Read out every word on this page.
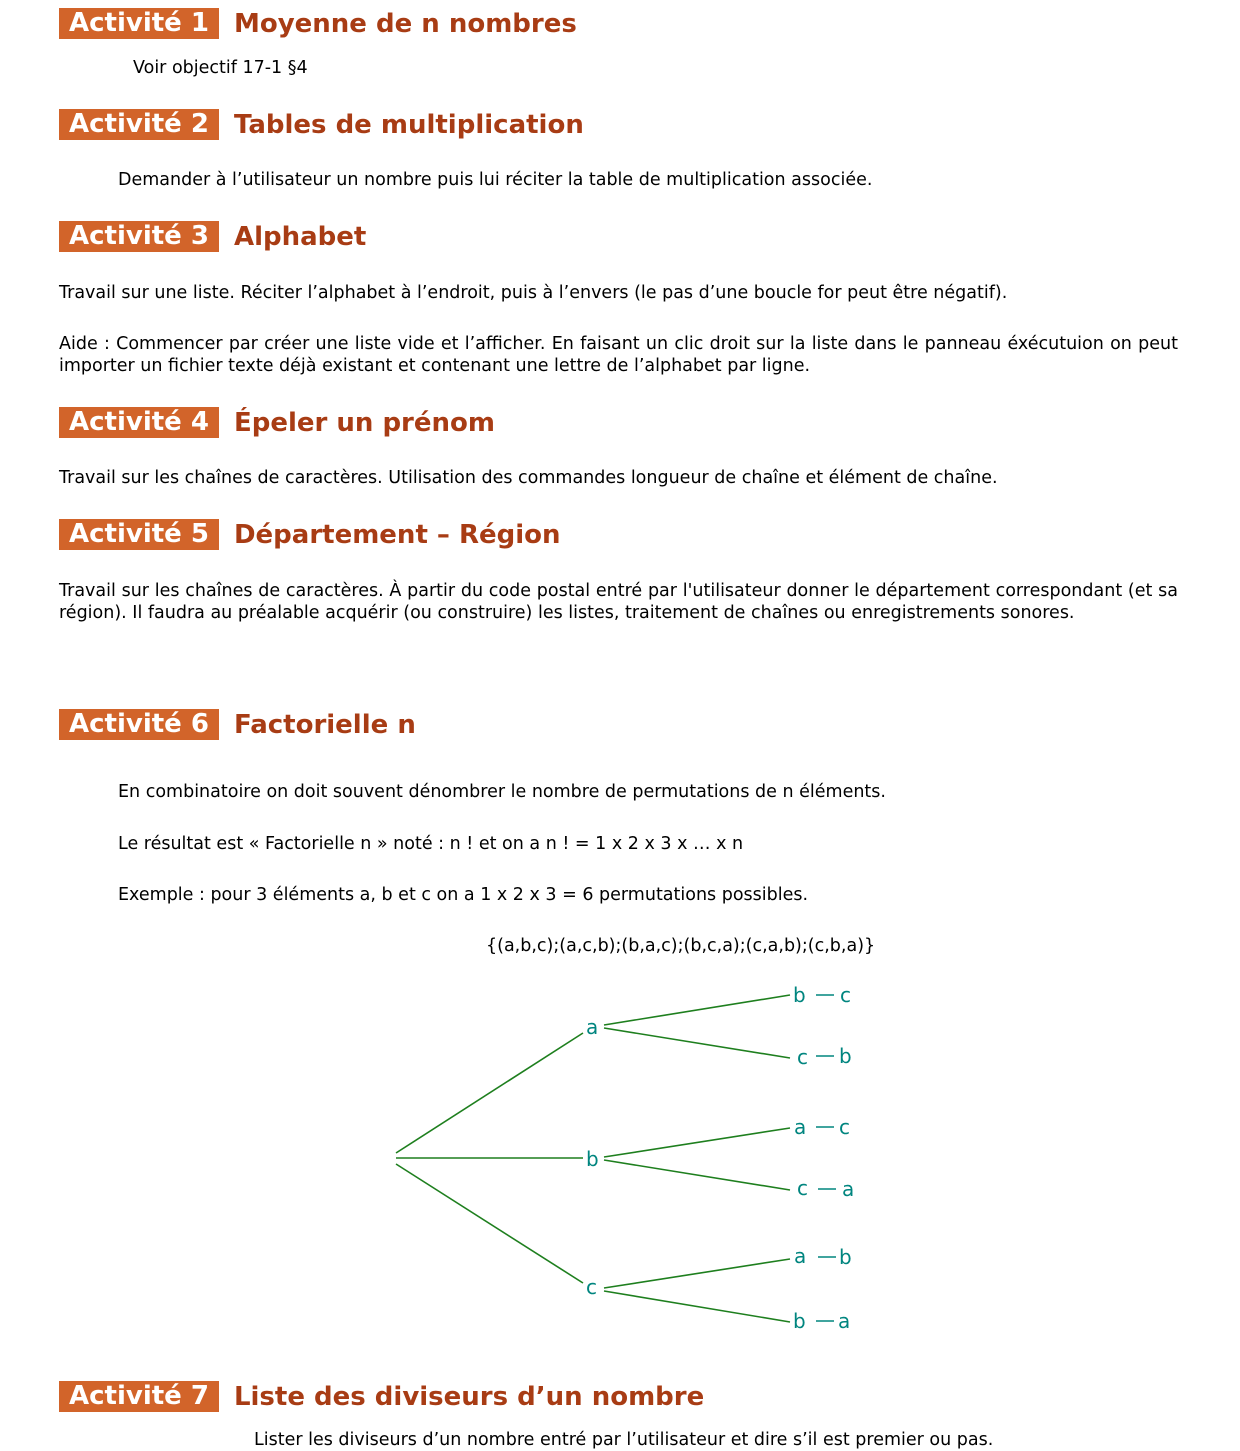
Activité 1 Moyenne de n nombres
Voir objectif 17-1 §4
Activité 2 Tables de multiplication
Demander à l’utilisateur un nombre puis lui réciter la table de multiplication associée.
Activité 3 Alphabet
Travail sur une liste. Réciter l’alphabet à l’endroit, puis à l’envers (le pas d’une boucle for peut être négatif).
Aide : Commencer par créer une liste vide et l’afficher. En faisant un clic droit sur la liste dans le panneau éxécutuion on peut importer un fichier texte déjà existant et contenant une lettre de l’alphabet par ligne.
Activité 4 Épeler un prénom
Travail sur les chaînes de caractères. Utilisation des commandes longueur de chaîne et élément de chaîne.
Activité 5 Département – Région
Travail sur les chaînes de caractères. À partir du code postal entré par l'utilisateur donner le département correspondant (et sa région). Il faudra au préalable acquérir (ou construire) les listes, traitement de chaînes ou enregistrements sonores.
Activité 6 Factorielle n
En combinatoire on doit souvent dénombrer le nombre de permutations de n éléments.
Le résultat est « Factorielle n » noté : n ! et on a n ! = 1 x 2 x 3 x … x n
Exemple : pour 3 éléments a, b et c on a 1 x 2 x 3 = 6 permutations possibles.
{(a,b,c);(a,c,b);(b,a,c);(b,c,a);(c,a,b);(c,b,a)}
a
b
c
b
c
a
c
a
b
c
b
c
a
b
a
Activité 7 Liste des diviseurs d’un nombre
Lister les diviseurs d’un nombre entré par l’utilisateur et dire s’il est premier ou pas.
